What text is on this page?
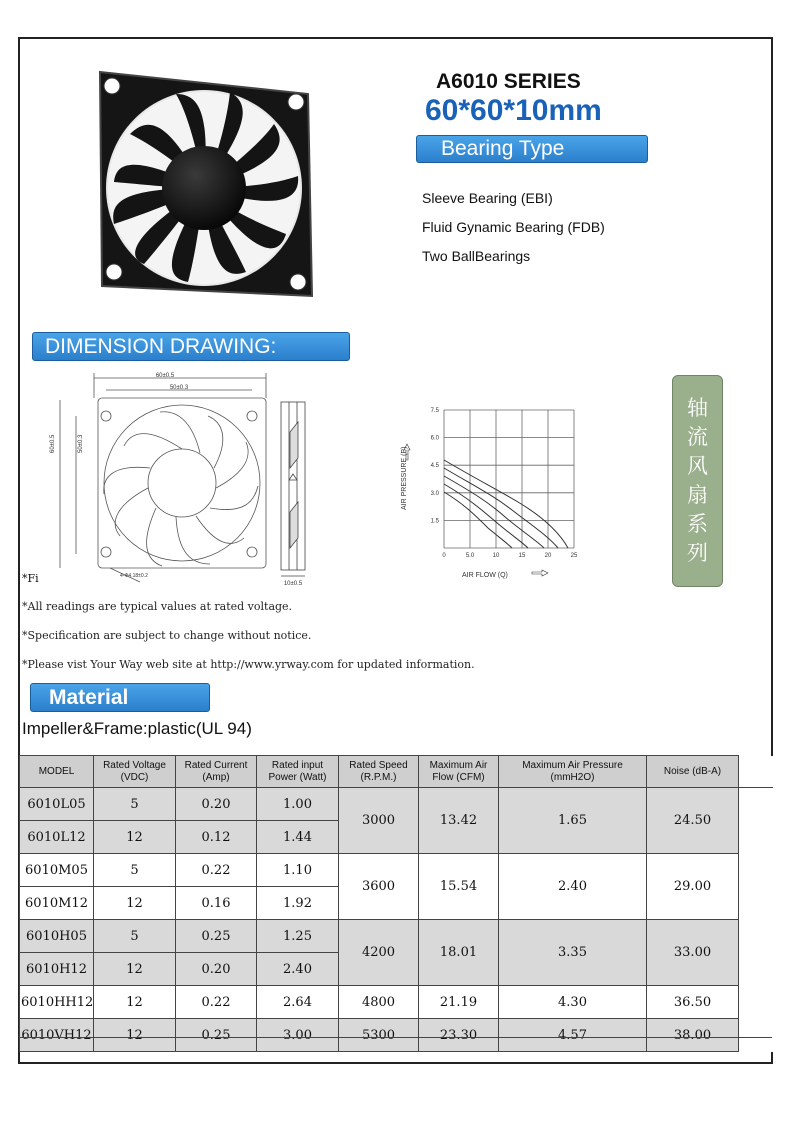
A6010 SERIES
60*60*10mm
Bearing Type
Sleeve Bearing (EBI)
Fluid Gynamic Bearing (FDB)
Two BallBearings
DIMENSION DRAWING:
60±0.5
50±0.3
60±0.5	50±0.3
4-Φ4.18±0.2
*Fi	10±0.5
0	5.0	10	15	20	25
7.5
6.0
4.5
3.0
1.5
AIR PRESSURE (P)
AIR FLOW (Q)
轴
流
风
扇
系
列
*All readings are typical values at rated voltage.
*Specification are subject to change without notice.
*Please vist Your Way web site at http://www.yrway.com for updated information.
Material
Impeller&Frame:plastic(UL 94)
MODEL	Rated Voltage (VDC)	Rated Current (Amp)	Rated input Power (Watt)	Rated Speed (R.P.M.)	Maximum Air Flow (CFM)	Maximum Air Pressure (mmH2O)	Noise (dB-A)	
6010L05	5	0.20	1.00	3000	13.42	1.65	24.50	
6010L12	12	0.12	1.44					
6010M05	5	0.22	1.10	3600	15.54	2.40	29.00	
6010M12	12	0.16	1.92					
6010H05	5	0.25	1.25	4200	18.01	3.35	33.00	
6010H12	12	0.20	2.40					
6010HH12	12	0.22	2.64	4800	21.19	4.30	36.50	
6010VH12	12	0.25	3.00	5300	23.30	4.57	38.00	
